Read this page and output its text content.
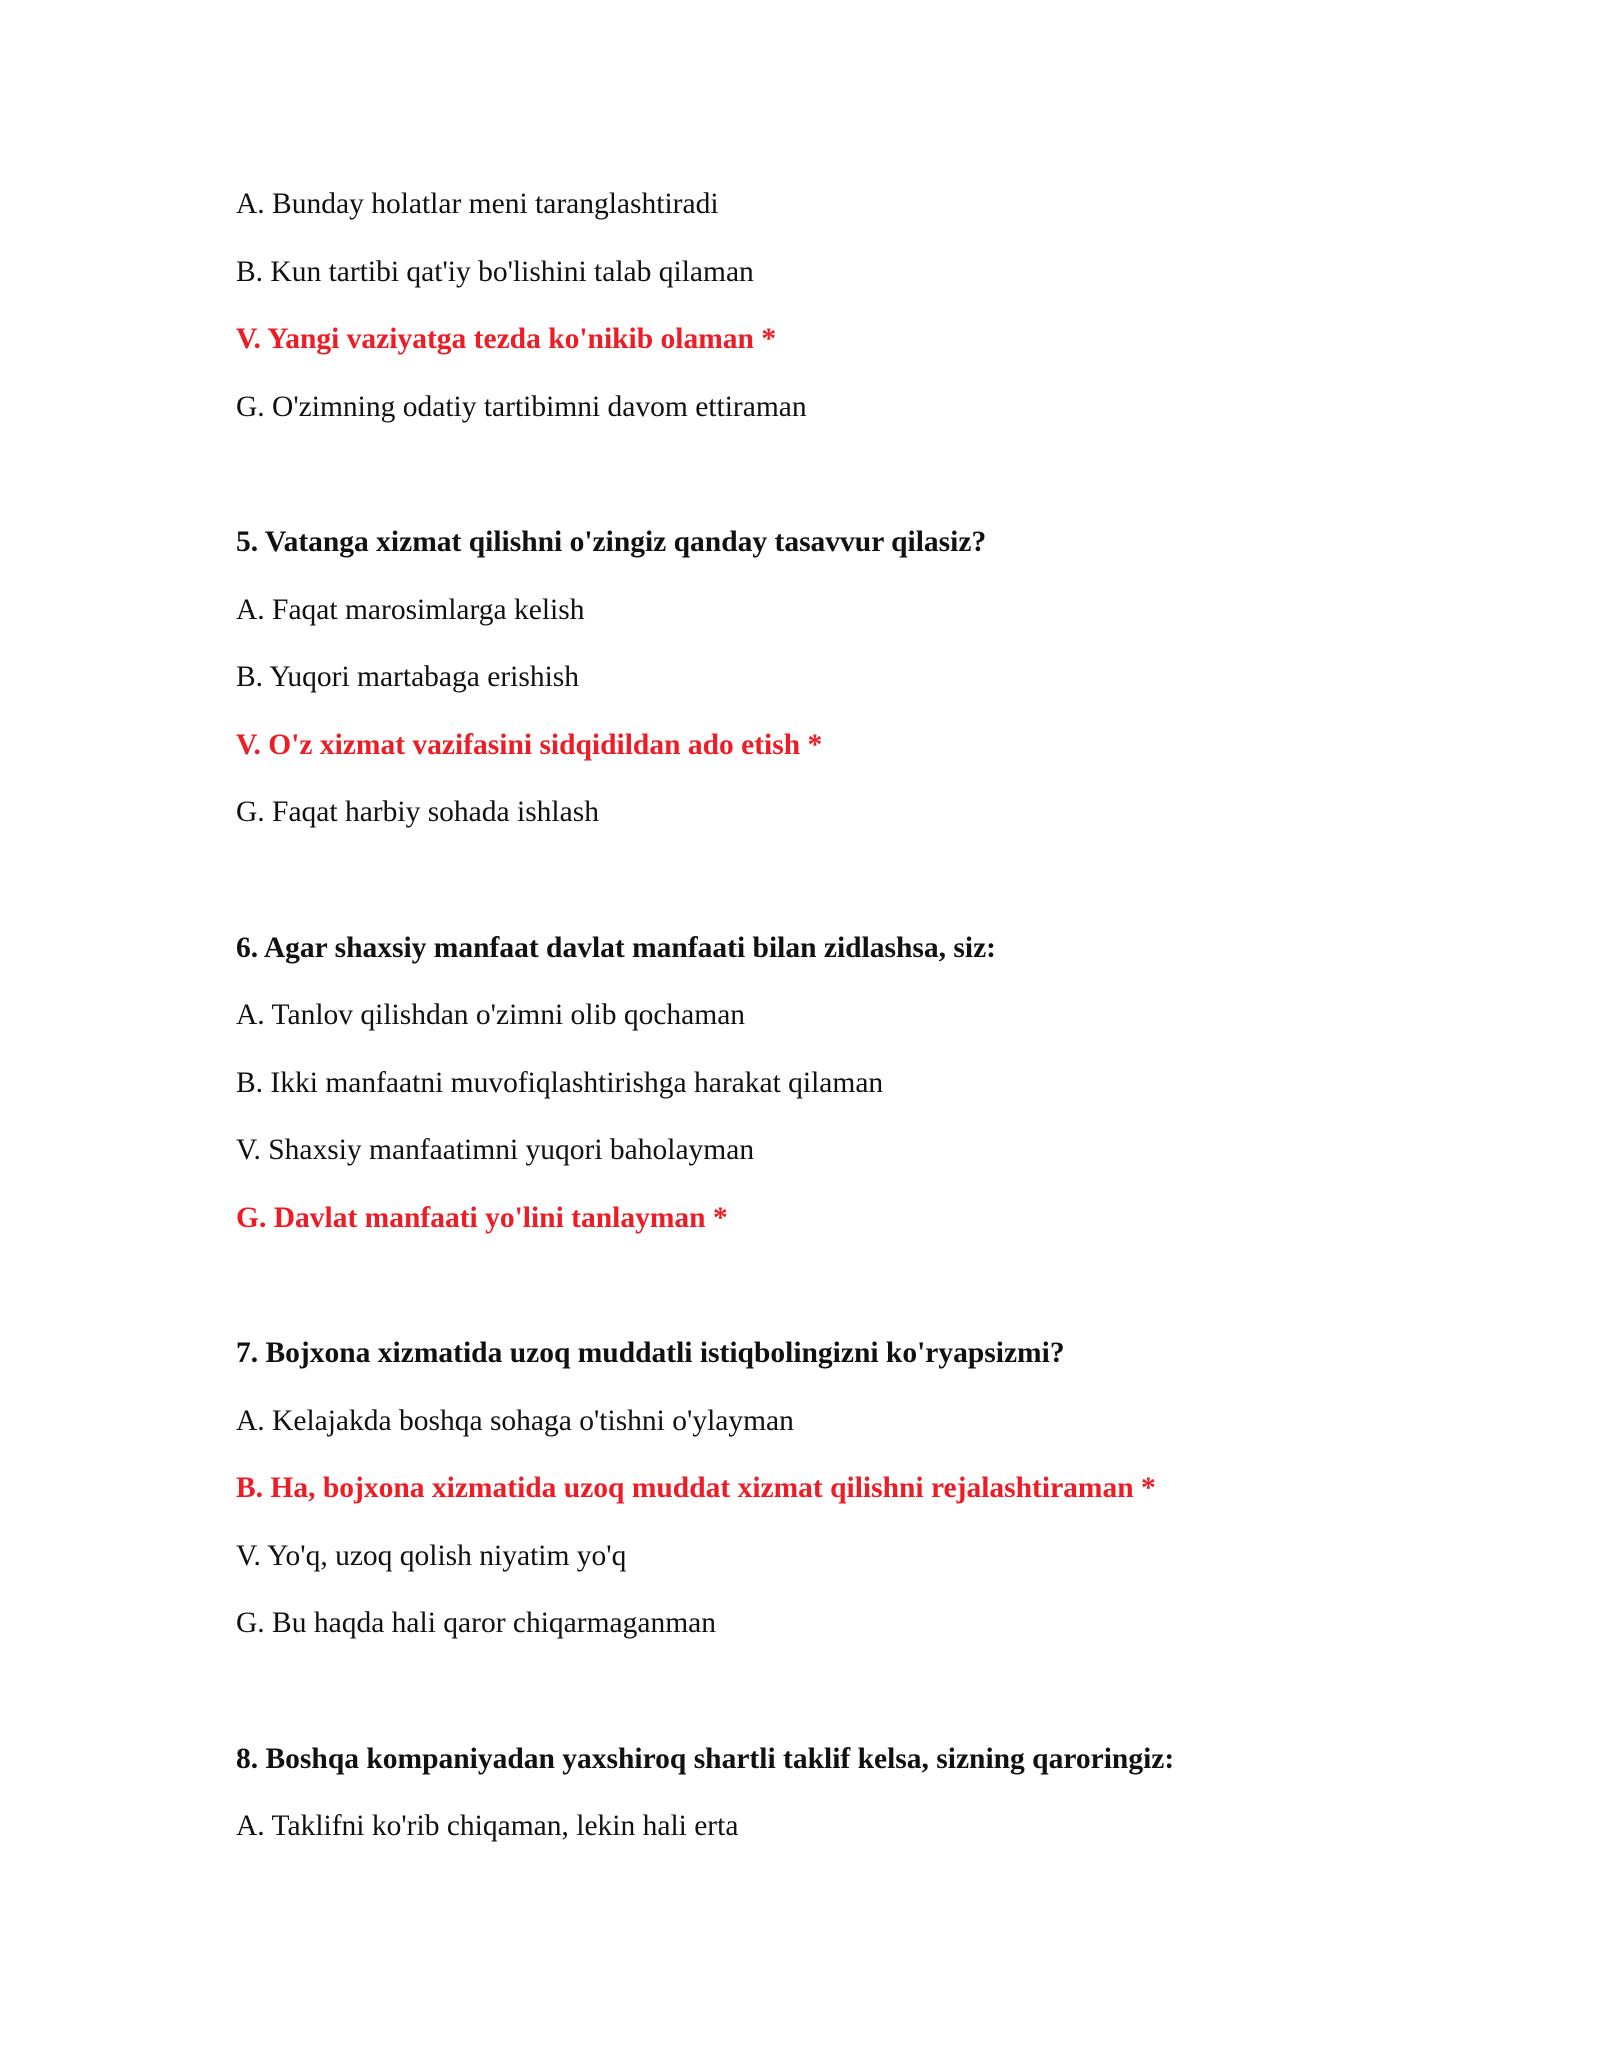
A. Bunday holatlar meni taranglashtiradi
B. Kun tartibi qat'iy bo'lishini talab qilaman
V. Yangi vaziyatga tezda ko'nikib olaman *
G. O'zimning odatiy tartibimni davom ettiraman
5. Vatanga xizmat qilishni o'zingiz qanday tasavvur qilasiz?
A. Faqat marosimlarga kelish
B. Yuqori martabaga erishish
V. O'z xizmat vazifasini sidqidildan ado etish *
G. Faqat harbiy sohada ishlash
6. Agar shaxsiy manfaat davlat manfaati bilan zidlashsa, siz:
A. Tanlov qilishdan o'zimni olib qochaman
B. Ikki manfaatni muvofiqlashtirishga harakat qilaman
V. Shaxsiy manfaatimni yuqori baholayman
G. Davlat manfaati yo'lini tanlayman *
7. Bojxona xizmatida uzoq muddatli istiqbolingizni ko'ryapsizmi?
A. Kelajakda boshqa sohaga o'tishni o'ylayman
B. Ha, bojxona xizmatida uzoq muddat xizmat qilishni rejalashtiraman *
V. Yo'q, uzoq qolish niyatim yo'q
G. Bu haqda hali qaror chiqarmaganman
8. Boshqa kompaniyadan yaxshiroq shartli taklif kelsa, sizning qaroringiz:
A. Taklifni ko'rib chiqaman, lekin hali erta
